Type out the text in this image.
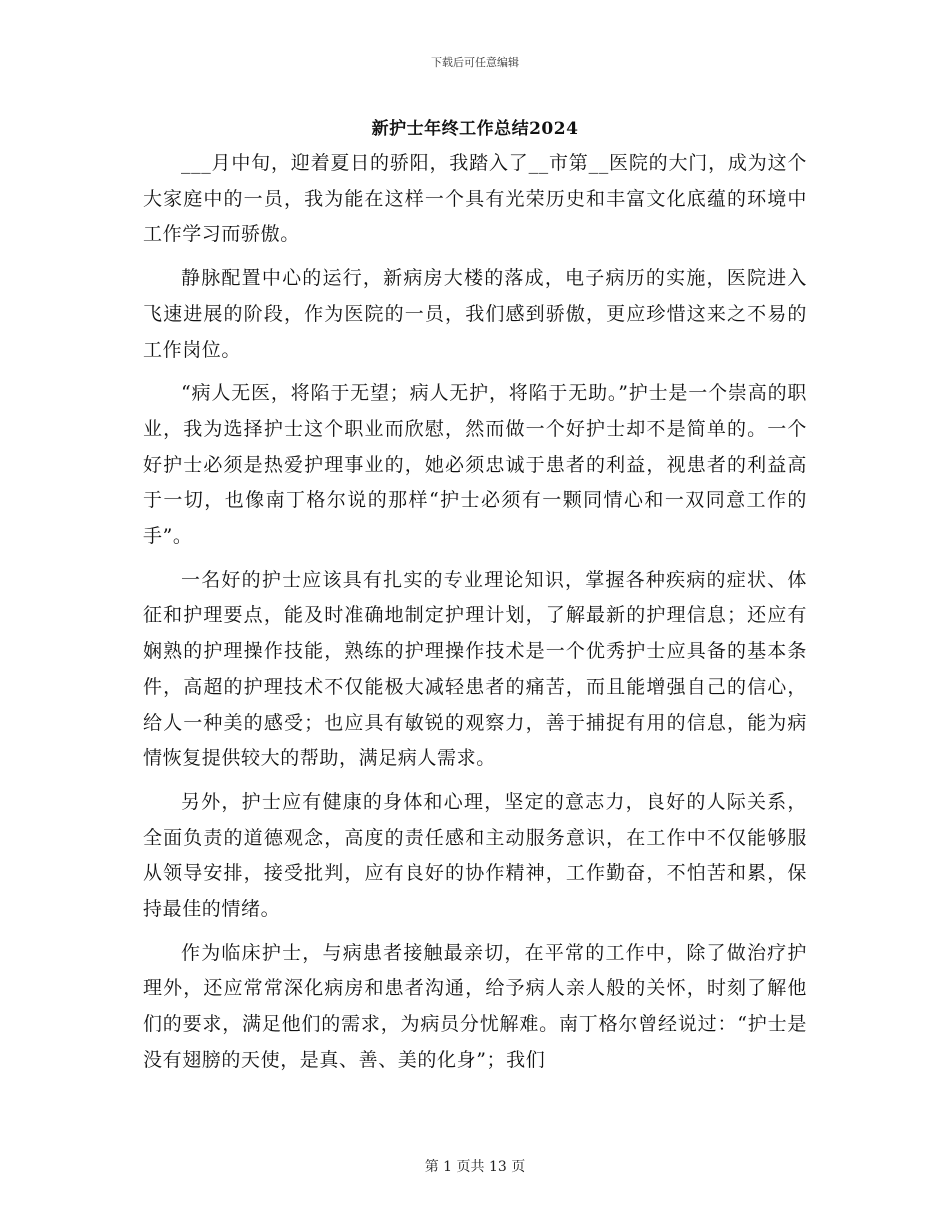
下载后可任意编辑
新护士年终工作总结2024

___月中旬，迎着夏日的骄阳，我踏入了__市第__医院的大门，成为这个大家庭中的一员，我为能在这样一个具有光荣历史和丰富文化底蕴的环境中工作学习而骄傲。

静脉配置中心的运行，新病房大楼的落成，电子病历的实施，医院进入飞速进展的阶段，作为医院的一员，我们感到骄傲，更应珍惜这来之不易的工作岗位。

“病人无医，将陷于无望；病人无护，将陷于无助。”护士是一个崇高的职业，我为选择护士这个职业而欣慰，然而做一个好护士却不是简单的。一个好护士必须是热爱护理事业的，她必须忠诚于患者的利益，视患者的利益高于一切，也像南丁格尔说的那样“护士必须有一颗同情心和一双同意工作的手”。

一名好的护士应该具有扎实的专业理论知识，掌握各种疾病的症状、体征和护理要点，能及时准确地制定护理计划，了解最新的护理信息；还应有娴熟的护理操作技能，熟练的护理操作技术是一个优秀护士应具备的基本条件，高超的护理技术不仅能极大减轻患者的痛苦，而且能增强自己的信心，给人一种美的感受；也应具有敏锐的观察力，善于捕捉有用的信息，能为病情恢复提供较大的帮助，满足病人需求。

另外，护士应有健康的身体和心理，坚定的意志力，良好的人际关系，全面负责的道德观念，高度的责任感和主动服务意识，在工作中不仅能够服从领导安排，接受批判，应有良好的协作精神，工作勤奋，不怕苦和累，保持最佳的情绪。

作为临床护士，与病患者接触最亲切，在平常的工作中，除了做治疗护理外，还应常常深化病房和患者沟通，给予病人亲人般的关怀，时刻了解他们的要求，满足他们的需求，为病员分忧解难。南丁格尔曾经说过：“护士是没有翅膀的天使，是真、善、美的化身”；我们

第 1 页共 13 页
